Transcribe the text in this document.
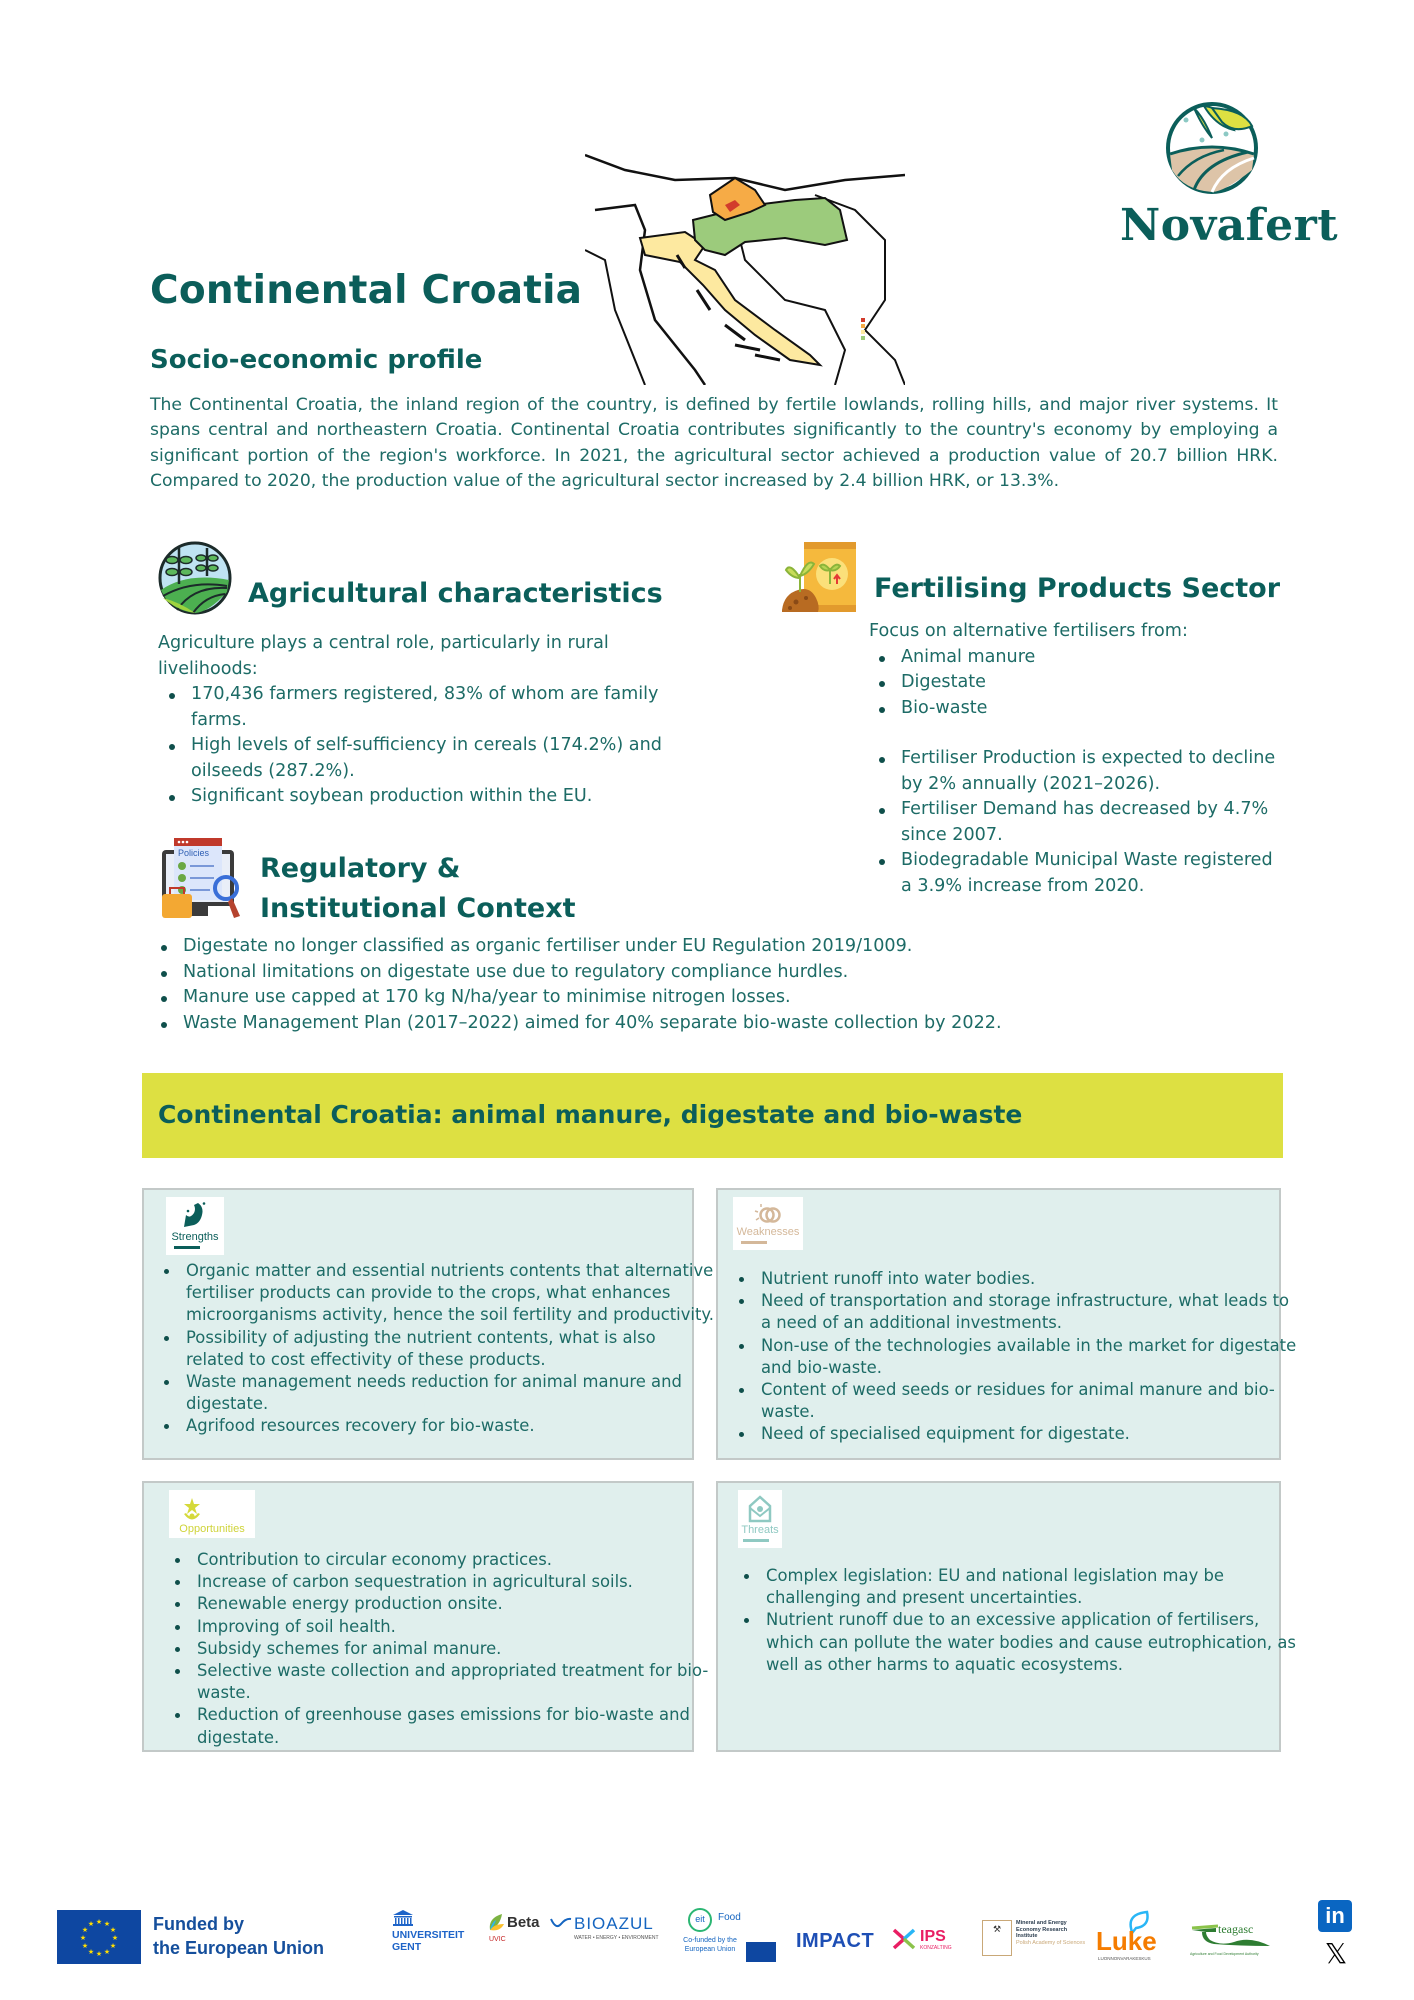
Novafert
Continental Croatia
Socio-economic profile

The Continental Croatia, the inland region of the country, is defined by fertile lowlands, rolling hills, and major river systems. It spans central and northeastern Croatia. Continental Croatia contributes significantly to the country's economy by employing a significant portion of the region's workforce. In 2021, the agricultural sector achieved a production value of 20.7 billion HRK. Compared to 2020, the production value of the agricultural sector increased by 2.4 billion HRK, or 13.3%.

Agricultural characteristics
Agriculture plays a central role, particularly in rural livelihoods:
170,436 farmers registered, 83% of whom are family farms.
High levels of self-sufficiency in cereals (174.2%) and oilseeds (287.2%).
Significant soybean production within the EU.
Fertilising Products Sector
Focus on alternative fertilisers from:
Animal manure
Digestate
Bio-waste
Fertiliser Production is expected to decline by 2% annually (2021–2026).
Fertiliser Demand has decreased by 4.7% since 2007.
Biodegradable Municipal Waste registered a 3.9% increase from 2020.
Policies Regulatory &
Institutional Context
Digestate no longer classified as organic fertiliser under EU Regulation 2019/1009.
National limitations on digestate use due to regulatory compliance hurdles.
Manure use capped at 170 kg N/ha/year to minimise nitrogen losses.
Waste Management Plan (2017–2022) aimed for 40% separate bio-waste collection by 2022.
Continental Croatia: animal manure, digestate and bio-waste
Strengths
Organic matter and essential nutrients contents that alternative fertiliser products can provide to the crops, what enhances microorganisms activity, hence the soil fertility and productivity.
Possibility of adjusting the nutrient contents, what is also related to cost effectivity of these products.
Waste management needs reduction for animal manure and digestate.
Agrifood resources recovery for bio-waste.
Weaknesses
Nutrient runoff into water bodies.
Need of transportation and storage infrastructure, what leads to a need of an additional investments.
Non-use of the technologies available in the market for digestate and bio-waste.
Content of weed seeds or residues for animal manure and bio-waste.
Need of specialised equipment for digestate.
Opportunities
Contribution to circular economy practices.
Increase of carbon sequestration in agricultural soils.
Renewable energy production onsite.
Improving of soil health.
Subsidy schemes for animal manure.
Selective waste collection and appropriated treatment for bio-waste.
Reduction of greenhouse gases emissions for bio-waste and digestate.
Threats
Complex legislation: EU and national legislation may be challenging and present uncertainties.
Nutrient runoff due to an excessive application of fertilisers, which can pollute the water bodies and cause eutrophication, as well as other harms to aquatic ecosystems.
★ ★
★
★
★
★
★
★
★
★
★
★	Funded by
the European Union
UNIVERSITEIT
GENT
Beta
UVIC
BIOAZUL
WATER • ENERGY • ENVIRONMENT
eit	Food
Co-funded by the European Union	IMPACT	IPS
KONZALTING
⚒
Mineral and Energy
Economy Research
Institute
Polish Academy of Sciences Luke
LUONNONVARAKESKUS
teagasc
Agriculture and Food Development Authority
in
𝕏
